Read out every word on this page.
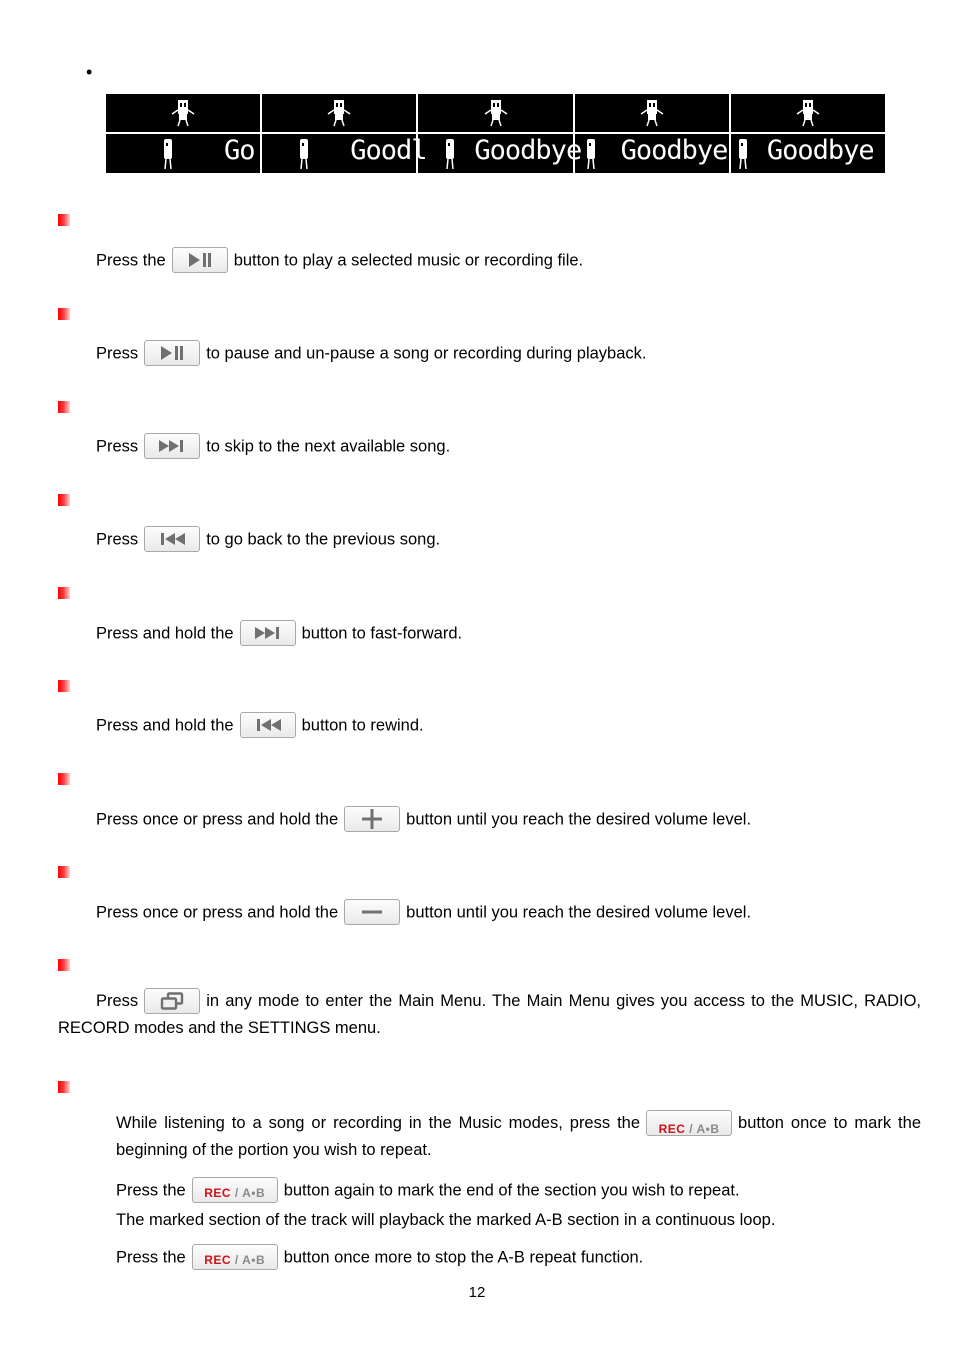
•
Go	Goodl Goodbye Goodbye Goodbye
Press the	button to play a selected music or recording file.
Press	to pause and un-pause a song or recording during playback.
Press	to skip to the next available song.
Press	to go back to the previous song.
Press and hold the	button to fast-forward.
Press and hold the	button to rewind.
Press once or press and hold the	button until you reach the desired volume level.
Press once or press and hold the	button until you reach the desired volume level.
Press	in any mode to enter the Main Menu. The Main Menu gives you access to the MUSIC, RADIO, RECORD modes and the SETTINGS menu.
While listening to a song or recording in the Music modes, press the	REC / A•B	button once to mark the beginning of the portion you wish to repeat.
Press the	REC / A•B	button again to mark the end of the section you wish to repeat.
The marked section of the track will playback the marked A-B section in a continuous loop.
Press the	REC / A•B	button once more to stop the A-B repeat function.
12
